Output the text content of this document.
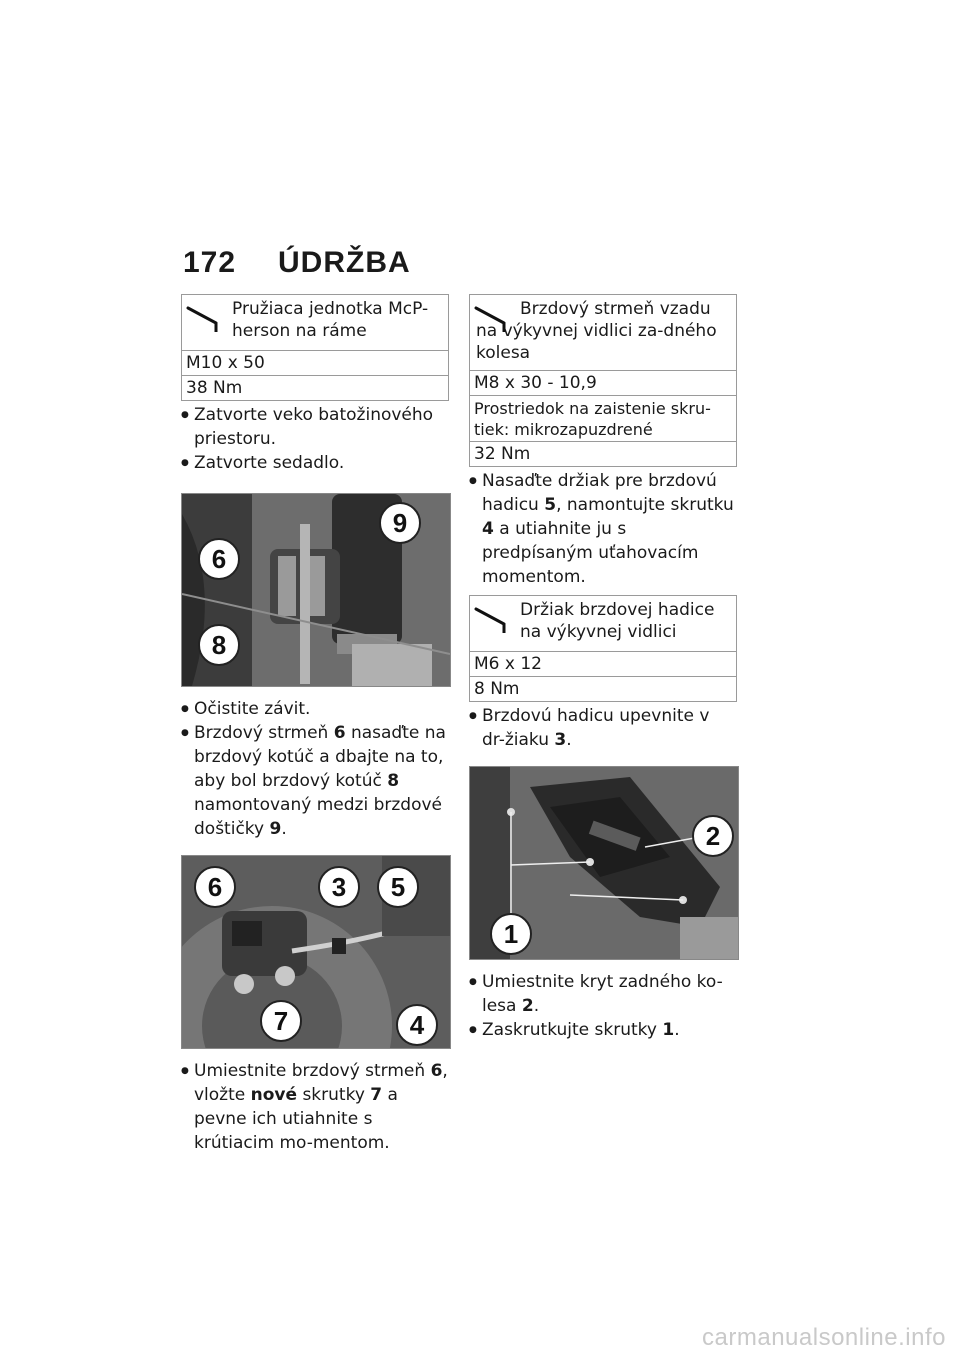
172 ÚDRŽBA
Pružiaca jednotka McP-herson na ráme
M10 x 50
38 Nm
● Zatvorte veko batožinového priestoru.
● Zatvorte sedadlo.
9
6
8
● Očistite závit.
● Brzdový strmeň 6 nasaďte na brzdový kotúč a dbajte na to, aby bol brzdový kotúč 8 namontovaný medzi brzdové doštičky 9.
6	3	5
7	4
● Umiestnite brzdový strmeň 6, vložte nové skrutky 7 a pevne ich utiahnite s krútiacim mo-mentom.
Brzdový strmeň vzadu na výkyvnej vidlici za-dného kolesa
M8 x 30 - 10,9
Prostriedok na zaistenie skru-tiek: mikrozapuzdrené
32 Nm
● Nasaďte držiak pre brzdovú hadicu 5, namontujte skrutku 4 a utiahnite ju s predpísaným uťahovacím momentom.
Držiak brzdovej hadice na výkyvnej vidlici
M6 x 12
8 Nm
● Brzdovú hadicu upevnite v dr-žiaku 3.
2
1
● Umiestnite kryt zadného ko-lesa 2.
● Zaskrutkujte skrutky 1.
carmanualsonline.info
